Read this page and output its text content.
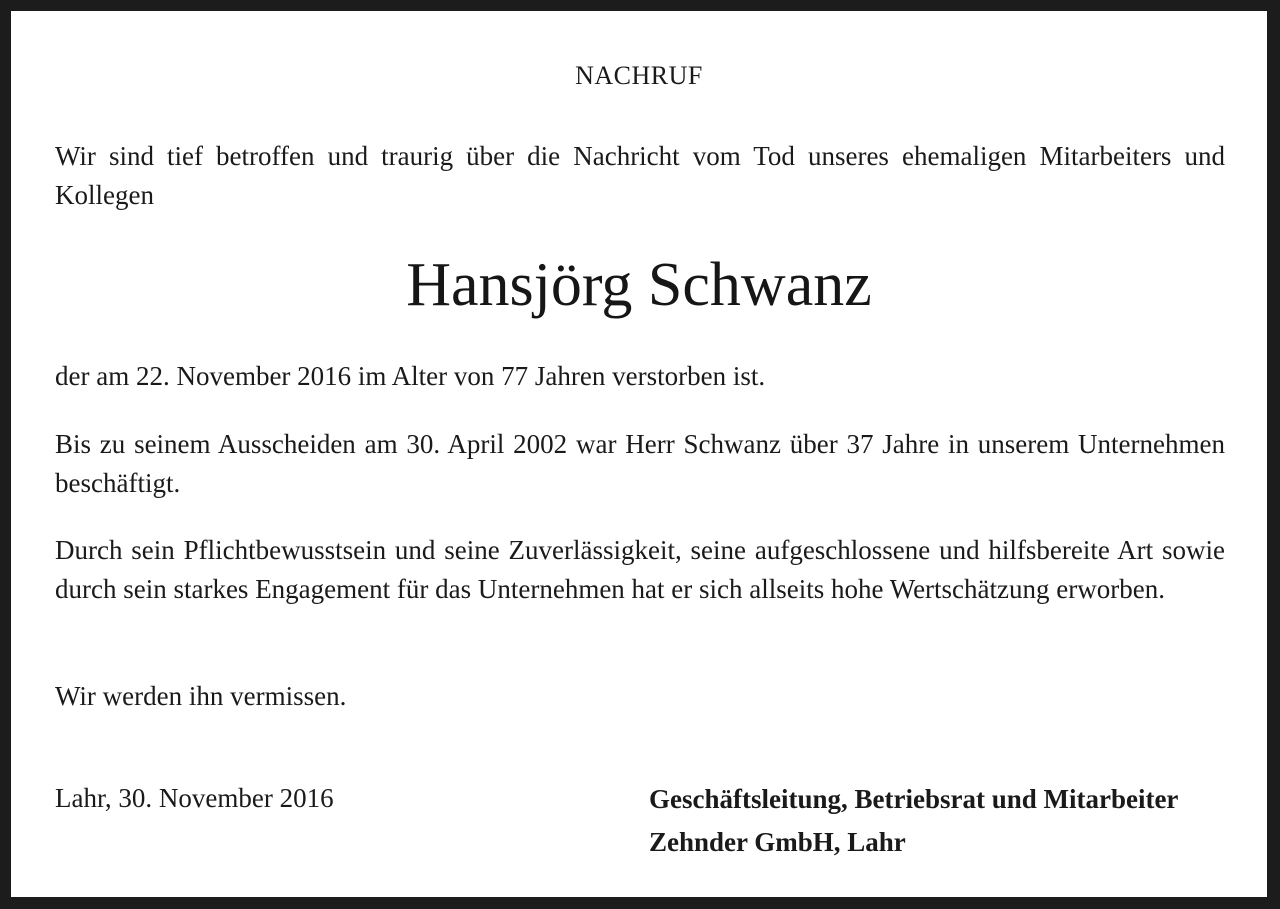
NACHRUF
Wir sind tief betroffen und traurig über die Nachricht vom Tod unseres ehemaligen Mitarbeiters und Kollegen
Hansjörg Schwanz
der am 22. November 2016 im Alter von 77 Jahren verstorben ist.
Bis zu seinem Ausscheiden am 30. April 2002 war Herr Schwanz über 37 Jahre in unserem Unternehmen beschäftigt.
Durch sein Pflichtbewusstsein und seine Zuverlässigkeit, seine aufgeschlossene und hilfsbereite Art sowie durch sein starkes Engagement für das Unternehmen hat er sich allseits hohe Wertschätzung erworben.
Wir werden ihn vermissen.
Lahr, 30. November 2016	Geschäftsleitung, Betriebsrat und Mitarbeiter
Zehnder GmbH, Lahr
